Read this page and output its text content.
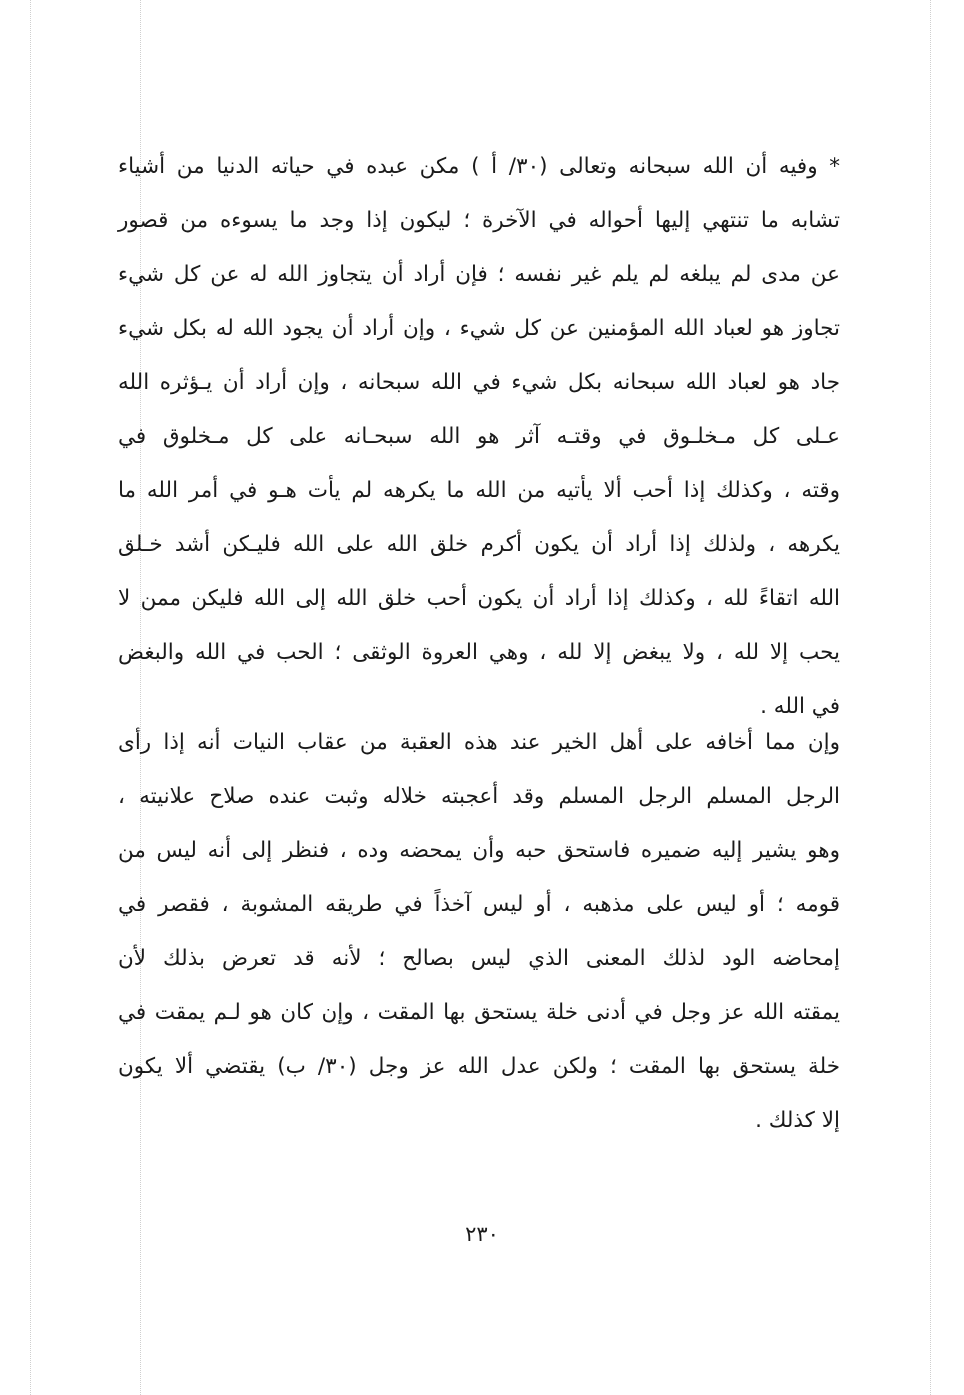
* وفيه أن الله سبحانه وتعالى (٣٠/ أ ) مكن عبده في حياته الدنيا من أشياء
تشابه ما تنتهي إليها أحواله في الآخرة ؛ ليكون إذا وجد ما يسوءه من قصور
عن مدى لم يبلغه لم يلم غير نفسه ؛ فإن أراد أن يتجاوز الله له عن كل شيء
تجاوز هو لعباد الله المؤمنين عن كل شيء ، وإن أراد أن يجود الله له بكل شيء
جاد هو لعباد الله سبحانه بكل شيء في الله سبحانه ، وإن أراد أن يـؤثره الله
عـلى كل مـخلـوق في وقتـه آثر هو الله سبحـانه على كل مـخلوق في
وقته ، وكذلك إذا أحب ألا يأتيه من الله ما يكرهه لم يأت هـو في أمر الله ما
يكرهه ، ولذلك إذا أراد أن يكون أكرم خلق الله على الله فليـكن أشد خـلق
الله اتقاءً لله ، وكذلك إذا أراد أن يكون أحب خلق الله إلى الله فليكن ممن لا
يحب إلا لله ، ولا يبغض إلا لله ، وهي العروة الوثقى ؛ الحب في الله والبغض
في الله .
وإن مما أخافه على أهل الخير عند هذه العقبة من عقاب النيات أنه إذا رأى
الرجل المسلم الرجل المسلم وقد أعجبته خلاله وثبت عنده صلاح علانيته ،
وهو يشير إليه ضميره فاستحق حبه وأن يمحضه وده ، فنظر إلى أنه ليس من
قومه ؛ أو ليس على مذهبه ، أو ليس آخذاً في طريقه المشوبة ، فقصر في
إمحاضه الود لذلك المعنى الذي ليس بصالح ؛ لأنه قد تعرض بذلك لأن
يمقته الله عز وجل في أدنى خلة يستحق بها المقت ، وإن كان هو لـم يمقت في
خلة يستحق بها المقت ؛ ولكن عدل الله عز وجل (٣٠/ ب) يقتضي ألا يكون
إلا كذلك .
٢٣٠
